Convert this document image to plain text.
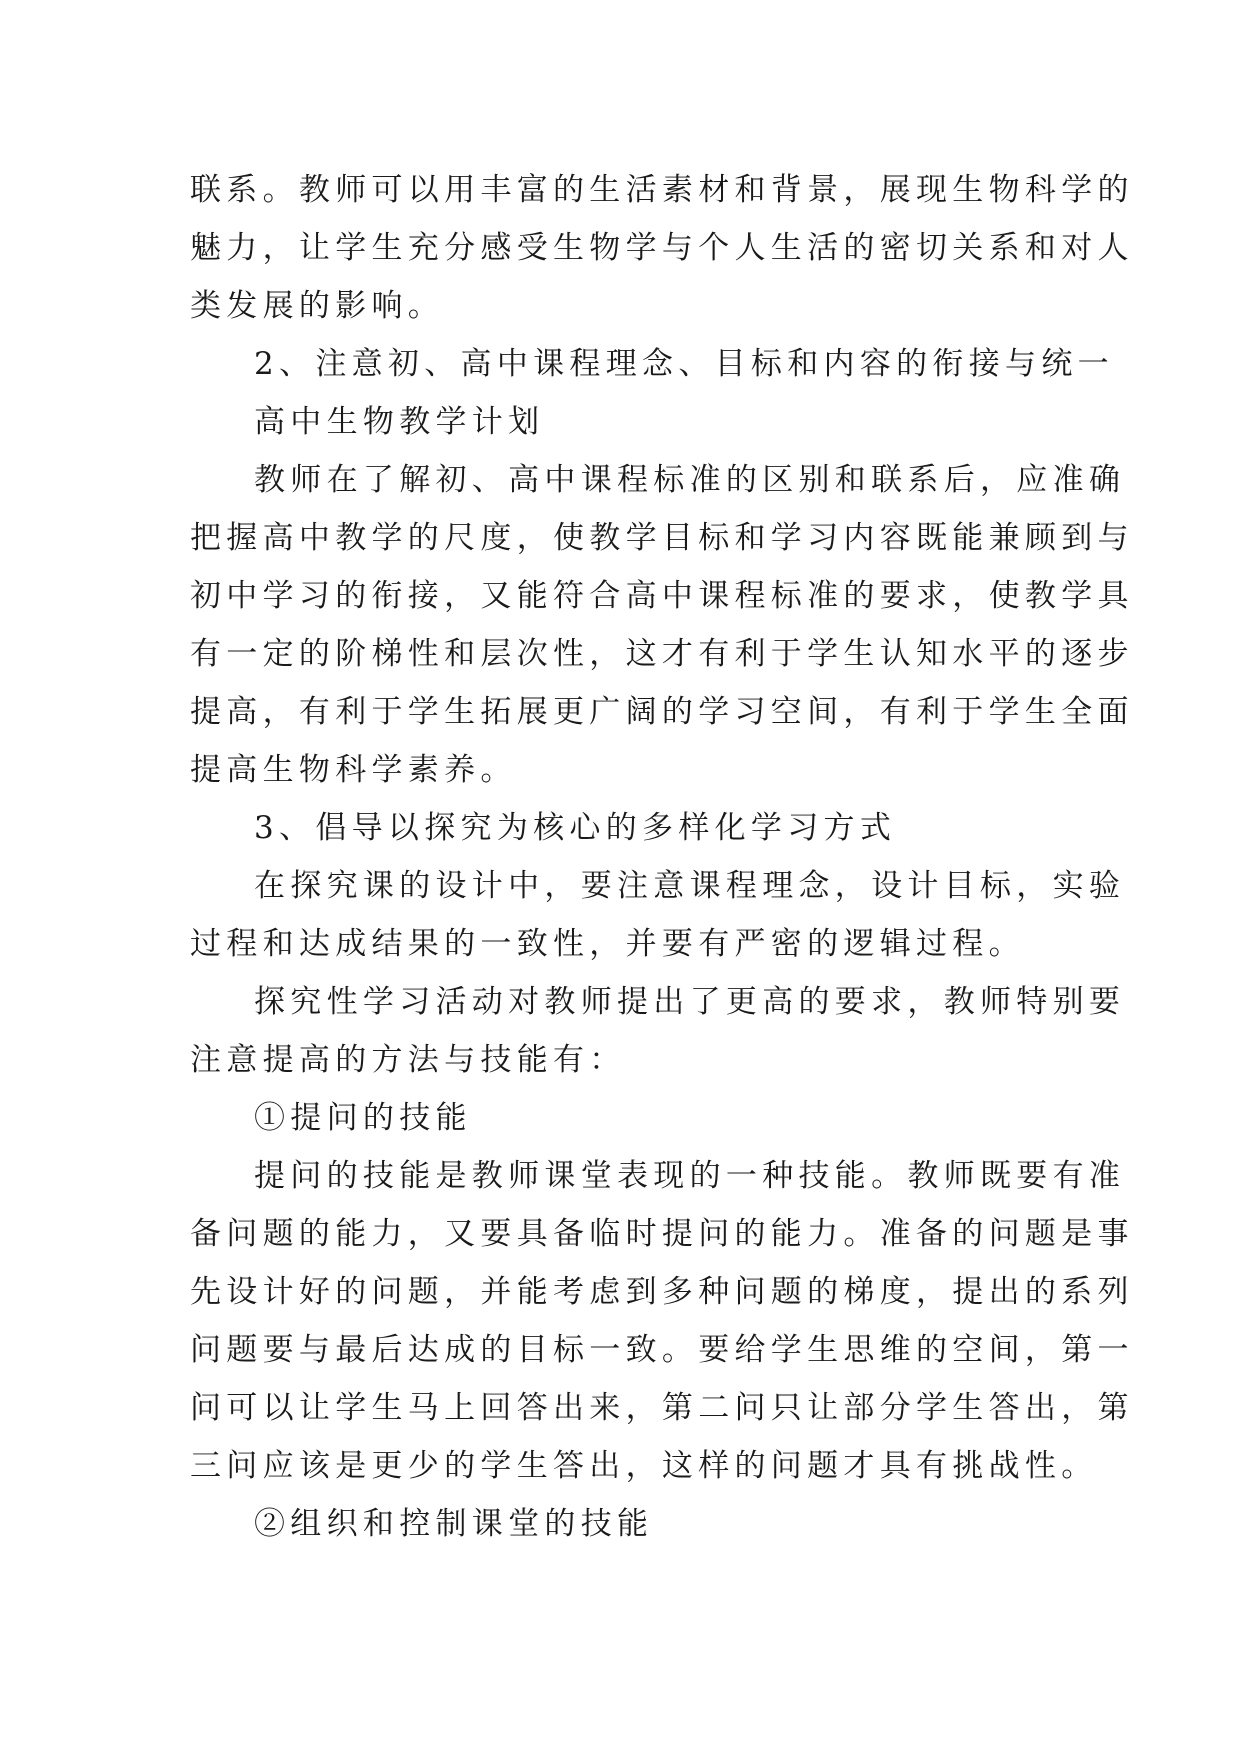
联系。教师可以用丰富的生活素材和背景，展现生物科学的
魅力，让学生充分感受生物学与个人生活的密切关系和对人
类发展的影响。
2、注意初、高中课程理念、目标和内容的衔接与统一
高中生物教学计划
教师在了解初、高中课程标准的区别和联系后，应准确
把握高中教学的尺度，使教学目标和学习内容既能兼顾到与
初中学习的衔接，又能符合高中课程标准的要求，使教学具
有一定的阶梯性和层次性，这才有利于学生认知水平的逐步
提高，有利于学生拓展更广阔的学习空间，有利于学生全面
提高生物科学素养。
3、倡导以探究为核心的多样化学习方式
在探究课的设计中，要注意课程理念，设计目标，实验
过程和达成结果的一致性，并要有严密的逻辑过程。
探究性学习活动对教师提出了更高的要求，教师特别要
注意提高的方法与技能有：
①提问的技能
提问的技能是教师课堂表现的一种技能。教师既要有准
备问题的能力，又要具备临时提问的能力。准备的问题是事
先设计好的问题，并能考虑到多种问题的梯度，提出的系列
问题要与最后达成的目标一致。要给学生思维的空间，第一
问可以让学生马上回答出来，第二问只让部分学生答出，第
三问应该是更少的学生答出，这样的问题才具有挑战性。
②组织和控制课堂的技能
